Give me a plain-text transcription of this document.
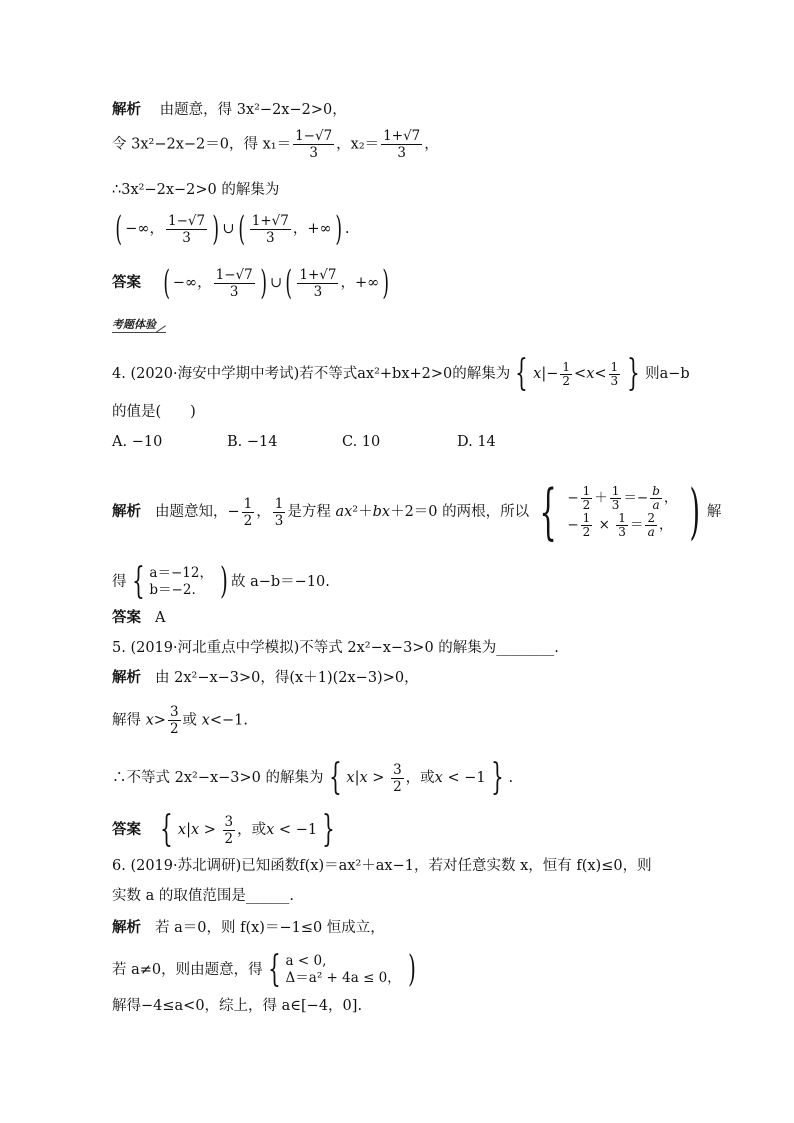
解析 由题意，得 3x²−2x−2>0，
令 3x²−2x−2＝0，得 $x_1= \frac{1-√7}{3}$ ，$x_2= \frac{1+√7}{3}$ ，
∴3x²−2x−2>0 的解集为
( −∞， $\frac{1-√7}{3}$ ) ∪( $\frac{1+√7}{3}$ ，+∞) .
答案 ( −∞， $\frac{1-√7}{3}$ ) ∪( $\frac{1+√7}{3}$ ，+∞)
考题体验
4. (2020·海安中学期中考试)若不等式ax²+bx+2>0的解集为 { $x|- \frac{1}{2} <x< \frac{1}{3}$ } 则a−b
的值是(　　)
A. −10	B. −14	C. 10	D. 14
解析 由题意知，− $\frac{1}{2}$ ， $\frac{1}{3}$ 是方程 ax²＋bx＋2＝0 的两根，所以 { − $\frac{1}{2} + \frac{1}{3} =- \frac{b}{a}$ ，
− $\frac{1}{2} \times \frac{1}{3} = \frac{2}{a}$ ， ) 解
得 { a＝−12，
b＝−2. ) 故 a−b＝−10.
答案 A
5. (2019·河北重点中学模拟)不等式 2x²−x−3>0 的解集为________.
解析 由 2x²−x−3>0，得(x＋1)(2x−3)>0，
解得 $x> \frac{3}{2}$ 或 x<−1.
∴不等式 2x²−x−3>0 的解集为 { $x|x > \frac{3}{2}$ ，或x < −1 } .
答案 { $x|x > \frac{3}{2}$ ，或x < −1 }
6. (2019·苏北调研)已知函数f(x)＝ax²＋ax−1，若对任意实数 x，恒有 f(x)≤0，则
实数 a 的取值范围是______.
解析 若 a＝0，则 f(x)＝−1≤0 恒成立，
若 a≠0，则由题意，得 { a < 0,
Δ＝a² + 4a ≤ 0， )
解得−4≤a<0，综上，得 a∈[−4，0].
